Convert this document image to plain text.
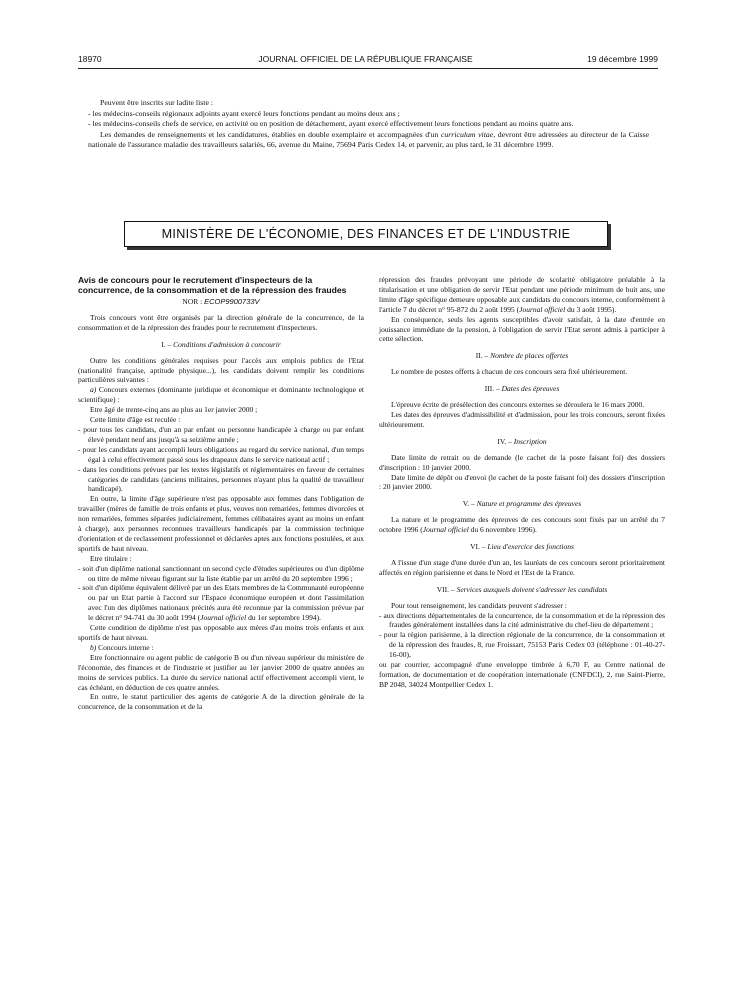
18970	JOURNAL OFFICIEL DE LA RÉPUBLIQUE FRANÇAISE	19 décembre 1999

Peuvent être inscrits sur ladite liste :

- les médecins-conseils régionaux adjoints ayant exercé leurs fonctions pendant au moins deux ans ;

- les médecins-conseils chefs de service, en activité ou en position de détachement, ayant exercé effectivement leurs fonctions pendant au moins quatre ans.

Les demandes de renseignements et les candidatures, établies en double exemplaire et accompagnées d'un curriculum vitae, devront être adressées au directeur de la Caisse nationale de l'assurance maladie des travailleurs salariés, 66, avenue du Maine, 75694 Paris Cedex 14, et parvenir, au plus tard, le 31 décembre 1999.

MINISTÈRE DE L'ÉCONOMIE, DES FINANCES ET DE L'INDUSTRIE

Avis de concours pour le recrutement d'inspecteurs de la concurrence, de la consommation et de la répression des fraudes

NOR : ECOP9900733V

Trois concours vont être organisés par la direction générale de la concurrence, de la consommation et de la répression des fraudes pour le recrutement d'inspecteurs.

I. – Conditions d'admission à concourir

Outre les conditions générales requises pour l'accès aux emplois publics de l'Etat (nationalité française, aptitude physique...), les candidats doivent remplir les conditions particulières suivantes :

a) Concours externes (dominante juridique et économique et dominante technologique et scientifique) :

Etre âgé de trente-cinq ans au plus au 1er janvier 2000 ;

Cette limite d'âge est reculée :

- pour tous les candidats, d'un an par enfant ou personne handicapée à charge ou par enfant élevé pendant neuf ans jusqu'à sa seizième année ;

- pour les candidats ayant accompli leurs obligations au regard du service national, d'un temps égal à celui effectivement passé sous les drapeaux dans le service national actif ;

- dans les conditions prévues par les textes législatifs et réglementaires en faveur de certaines catégories de candidats (anciens militaires, personnes n'ayant plus la qualité de travailleur handicapé).

En outre, la limite d'âge supérieure n'est pas opposable aux femmes dans l'obligation de travailler (mères de famille de trois enfants et plus, veuves non remariées, femmes divorcées et non remariées, femmes séparées judiciairement, femmes célibataires ayant au moins un enfant à charge), aux personnes reconnues travailleurs handicapés par la commission technique d'orientation et de reclassement professionnel et déclarées aptes aux fonctions postulées, et aux sportifs de haut niveau.

Etre titulaire :

- soit d'un diplôme national sanctionnant un second cycle d'études supérieures ou d'un diplôme ou titre de même niveau figurant sur la liste établie par un arrêté du 20 septembre 1996 ;

- soit d'un diplôme équivalent délivré par un des Etats membres de la Communauté européenne ou par un Etat partie à l'accord sur l'Espace économique européen et dont l'assimilation avec l'un des diplômes nationaux précités aura été reconnue par la commission prévue par le décret n° 94-741 du 30 août 1994 (Journal officiel du 1er septembre 1994).

Cette condition de diplôme n'est pas opposable aux mères d'au moins trois enfants et aux sportifs de haut niveau.

b) Concours interne :

Etre fonctionnaire ou agent public de catégorie B ou d'un niveau supérieur du ministère de l'économie, des finances et de l'industrie et justifier au 1er janvier 2000 de quatre années au moins de services publics. La durée du service national actif effectivement accompli vient, le cas échéant, en déduction de ces quatre années.

En outre, le statut particulier des agents de catégorie A de la direction générale de la concurrence, de la consommation et de la

répression des fraudes prévoyant une période de scolarité obligatoire préalable à la titularisation et une obligation de servir l'Etat pendant une période minimum de huit ans, une limite d'âge spécifique demeure opposable aux candidats du concours interne, conformément à l'article 7 du décret n° 95-872 du 2 août 1995 (Journal officiel du 3 août 1995).

En conséquence, seuls les agents susceptibles d'avoir satisfait, à la date d'entrée en jouissance immédiate de la pension, à l'obligation de servir l'Etat seront admis à participer à cette sélection.

II. – Nombre de places offertes

Le nombre de postes offerts à chacun de ces concours sera fixé ultérieurement.

III. – Dates des épreuves

L'épreuve écrite de présélection des concours externes se déroulera le 16 mars 2000.

Les dates des épreuves d'admissibilité et d'admission, pour les trois concours, seront fixées ultérieurement.

IV. – Inscription

Date limite de retrait ou de demande (le cachet de la poste faisant foi) des dossiers d'inscription : 10 janvier 2000.

Date limite de dépôt ou d'envoi (le cachet de la poste faisant foi) des dossiers d'inscription : 20 janvier 2000.

V. – Nature et programme des épreuves

La nature et le programme des épreuves de ces concours sont fixés par un arrêté du 7 octobre 1996 (Journal officiel du 6 novembre 1996).

VI. – Lieu d'exercice des fonctions

A l'issue d'un stage d'une durée d'un an, les lauréats de ces concours seront prioritairement affectés en région parisienne et dans le Nord et l'Est de la France.

VII. – Services auxquels doivent s'adresser les candidats

Pour tout renseignement, les candidats peuvent s'adresser :

- aux directions départementales de la concurrence, de la consommation et de la répression des fraudes généralement installées dans la cité administrative du chef-lieu de département ;

- pour la région parisienne, à la direction régionale de la concurrence, de la consommation et de la répression des fraudes, 8, rue Froissart, 75153 Paris Cedex 03 (téléphone : 01-40-27-16-00),

ou par courrier, accompagné d'une enveloppe timbrée à 6,70 F, au Centre national de formation, de documentation et de coopération internationale (CNFDCI), 2, rue Saint-Pierre, BP 2048, 34024 Montpellier Cedex 1.
